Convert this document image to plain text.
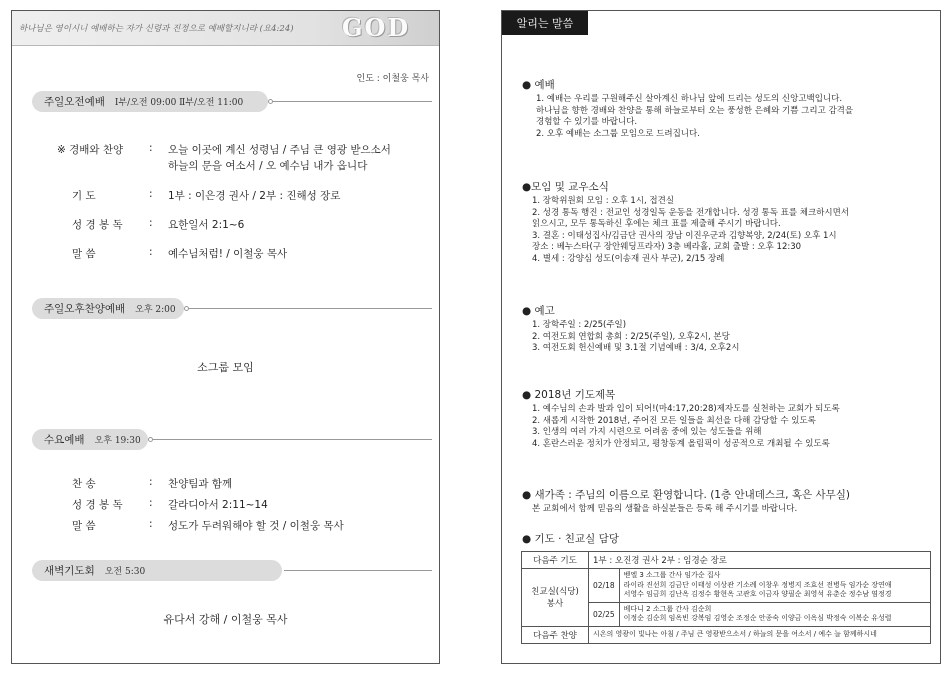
하나님은 영이시니 예배하는 자가 신령과 진정으로 예배할지니라 (요4:24) GOD
인도 : 이철웅 목사
주일오전예배 Ⅰ부/오전 09:00 Ⅱ부/오전 11:00
※ 경배와 찬양 : 오늘 이곳에 계신 성령님 / 주님 큰 영광 받으소서
하늘의 문을 여소서 / 오 예수님 내가 옵니다
기 도	: 1부 : 이은경 권사 / 2부 : 진해성 장로
성 경 봉 독	: 요한일서 2:1~6
말 씀	: 예수님처럼! / 이철웅 목사
주일오후찬양예배 오후 2:00
소그룹 모임
수요예배 오후 19:30
찬 송	: 찬양팀과 함께
성 경 봉 독	: 갈라디아서 2:11~14
말 씀	: 성도가 두려워해야 할 것 / 이철웅 목사
새벽기도회 오전 5:30
유다서 강해 / 이철웅 목사
알리는 말씀
● 예배
1. 예배는 우리를 구원해주신 살아계신 하나님 앞에 드리는 성도의 신앙고백입니다.
하나님을 향한 경배와 찬양을 통해 하늘로부터 오는 풍성한 은혜와 기쁨 그리고 감격을
경험할 수 있기를 바랍니다.
2. 오후 예배는 소그룹 모임으로 드려집니다.
●모임 및 교우소식
1. 장학위원회 모임 : 오후 1시, 접견실
2. 성경 통독 행진 : 전교인 성경일독 운동을 전개합니다. 성경 통독 표를 체크하시면서
읽으시고, 모두 통독하신 후에는 체크 표를 제출해 주시기 바랍니다.
3. 결혼 : 이태성집사/김금단 권사의 장남 이진우군과 김향복양, 2/24(토) 오후 1시
장소 : 베누스타(구 장안웨딩프라자) 3층 베라홀, 교회 출발 : 오후 12:30
4. 별세 : 강양심 성도(이송재 권사 부군), 2/15 장례
● 예고
1. 장학주일 : 2/25(주일)
2. 여전도회 연합회 총회 : 2/25(주일), 오후2시, 본당
3. 여전도회 헌신예배 및 3.1절 기념예배 : 3/4, 오후2시
● 2018년 기도제목
1. 예수님의 손과 발과 입이 되어!(마4:17,20:28)제자도를 실천하는 교회가 되도록
2. 새롭게 시작한 2018년, 주어진 모든 일들을 최선을 다해 감당할 수 있도록
3. 인생의 여러 가지 시련으로 어려움 중에 있는 성도들을 위해
4. 혼란스러운 정치가 안정되고, 평창동계 올림픽이 성공적으로 개최될 수 있도록
● 새가족 : 주님의 이름으로 환영합니다. (1층 안내데스크, 혹은 사무실)
본 교회에서 함께 믿음의 생활을 하실분들은 등록 해 주시기를 바랍니다.
● 기도 · 친교실 담당
다음주 기도	1부 : 오진경 권사 2부 : 임경순 장로	
친교실(식당) 봉사	02/18	벧엘 3 소그룹 간사 임가순 집사
라이라 진선희 김금단 이태성 이상관 기소례 이창우 정병지 조효선 전병득 임가순 장연애
서영수 임금희 김난옥 김정수 황현옥 고관호 이금자 양필순 최영석 유춘순 정수남 염정경

	02/25	베다니 2 소그룹 간사 김순희
이정순 김순희 임옥빈 강복임 김영순 조정순 안종숙 이양금 이옥심 박정숙 이복순 유성렬

다음주 찬양	시온의 영광이 빛나는 아침 / 주님 큰 영광받으소서 / 하늘의 문을 여소서 / 예수 늘 함께하시네	
